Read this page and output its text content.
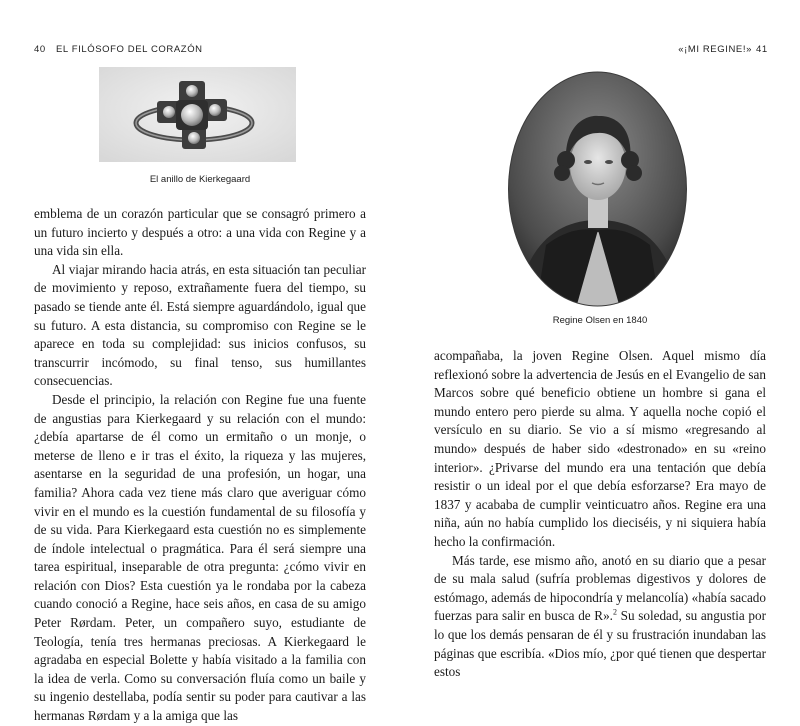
40 EL FILÓSOFO DEL CORAZÓN
El anillo de Kierkegaard

emblema de un corazón particular que se consagró primero a un futuro incierto y después a otro: a una vida con Regine y a una vida sin ella.

Al viajar mirando hacia atrás, en esta situación tan peculiar de movimiento y reposo, extrañamente fuera del tiempo, su pasado se tiende ante él. Está siempre aguardándolo, igual que su futuro. A esta distancia, su compromiso con Regine se le aparece en toda su complejidad: sus inicios confusos, su transcurrir incómodo, su final tenso, sus humillantes consecuencias.

Desde el principio, la relación con Regine fue una fuente de angustias para Kierkegaard y su relación con el mundo: ¿debía apartarse de él como un ermitaño o un monje, o meterse de lleno e ir tras el éxito, la riqueza y las mujeres, asentarse en la seguridad de una profesión, un hogar, una familia? Ahora cada vez tiene más claro que averiguar cómo vivir en el mundo es la cuestión fundamental de su filosofía y de su vida. Para Kierkegaard esta cuestión no es simplemente de índole intelectual o pragmática. Para él será siempre una tarea espiritual, inseparable de otra pregunta: ¿cómo vivir en relación con Dios? Esta cuestión ya le rondaba por la cabeza cuando conoció a Regine, hace seis años, en casa de su amigo Peter Rørdam. Peter, un compañero suyo, estudiante de Teología, tenía tres hermanas preciosas. A Kierkegaard le agradaba en especial Bolette y había visitado a la familia con la idea de verla. Como su conversación fluía como un baile y su ingenio destellaba, podía sentir su poder para cautivar a las hermanas Rørdam y a la amiga que las

«¡MI REGINE!» 41
Regine Olsen en 1840

acompañaba, la joven Regine Olsen. Aquel mismo día reflexionó sobre la advertencia de Jesús en el Evangelio de san Marcos sobre qué beneficio obtiene un hombre si gana el mundo entero pero pierde su alma. Y aquella noche copió el versículo en su diario. Se vio a sí mismo «regresando al mundo» después de haber sido «destronado» en su «reino interior». ¿Privarse del mundo era una tentación que debía resistir o un ideal por el que debía esforzarse? Era mayo de 1837 y acababa de cumplir veinticuatro años. Regine era una niña, aún no había cumplido los dieciséis, y ni siquiera había hecho la confirmación.

Más tarde, ese mismo año, anotó en su diario que a pesar de su mala salud (sufría problemas digestivos y dolores de estómago, además de hipocondría y melancolía) «había sacado fuerzas para salir en busca de R».$^2$ Su soledad, su angustia por lo que los demás pensaran de él y su frustración inundaban las páginas que escribía. «Dios mío, ¿por qué tienen que despertar estos
